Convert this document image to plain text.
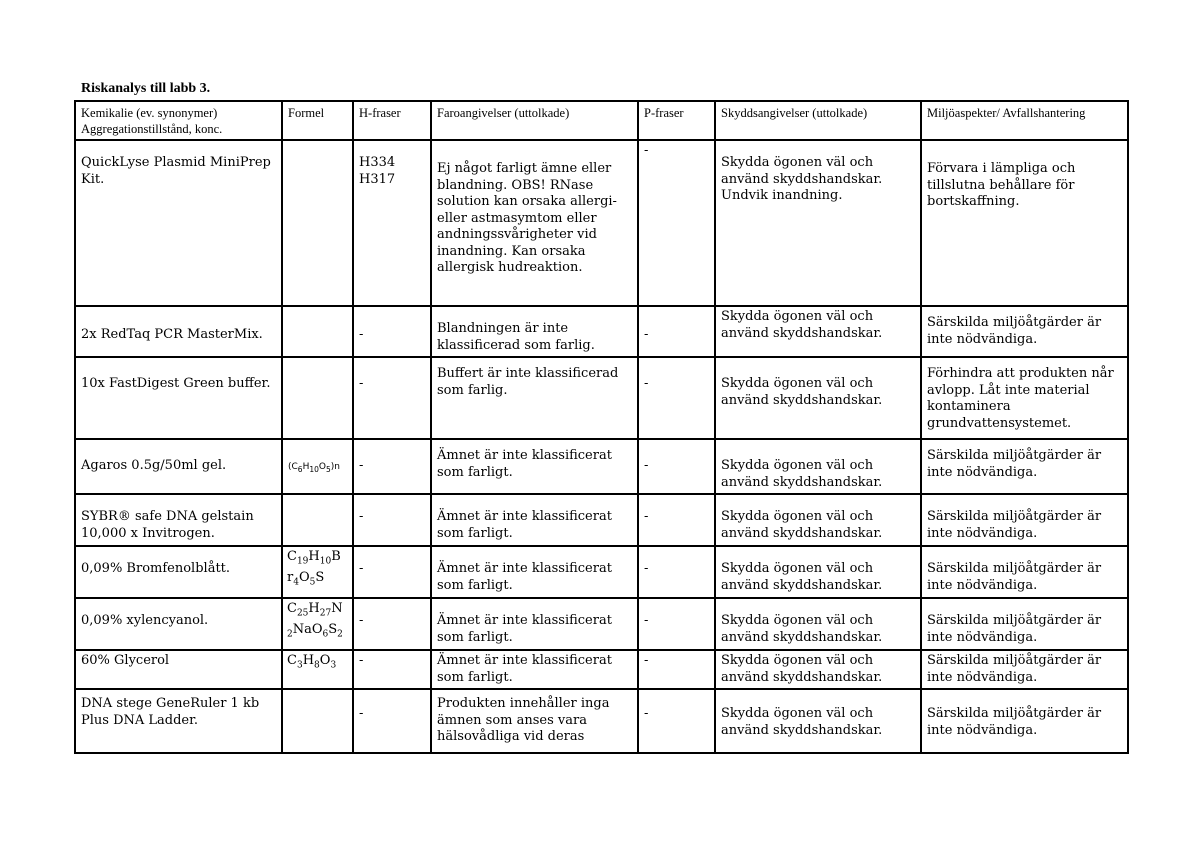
Riskanalys till labb 3.
Kemikalie (ev. synonymer) Aggregationstillstånd, konc.	Formel	H-fraser	Faroangivelser (uttolkade)	P-fraser	Skyddsangivelser (uttolkade)	Miljöaspekter/ Avfallshantering
QuickLyse Plasmid MiniPrep Kit.		H334 H317	Ej något farligt ämne eller blandning. OBS! RNase solution kan orsaka allergi- eller astmasymtom eller andningssvårigheter vid inandning. Kan orsaka allergisk hudreaktion.	-	Skydda ögonen väl och använd skyddshandskar. Undvik inandning.	Förvara i lämpliga och tillslutna behållare för bortskaffning.
2x RedTaq PCR MasterMix.		-	Blandningen är inte klassificerad som farlig.	-	Skydda ögonen väl och använd skyddshandskar.	Särskilda miljöåtgärder är inte nödvändiga.
10x FastDigest Green buffer.		-	Buffert är inte klassificerad som farlig.	-	Skydda ögonen väl och använd skyddshandskar.	Förhindra att produkten når avlopp. Låt inte material kontaminera grundvattensystemet.
Agaros 0.5g/50ml gel.	$(C_6H_{10}O_5)n$	-	Ämnet är inte klassificerat som farligt.	-	Skydda ögonen väl och använd skyddshandskar.	Särskilda miljöåtgärder är inte nödvändiga.
SYBR® safe DNA gelstain 10,000 x Invitrogen.		-	Ämnet är inte klassificerat som farligt.	-	Skydda ögonen väl och använd skyddshandskar.	Särskilda miljöåtgärder är inte nödvändiga.
0,09% Bromfenolblått.	$C_{19}H_{10}B$ $r_4O_5S$	-	Ämnet är inte klassificerat som farligt.	-	Skydda ögonen väl och använd skyddshandskar.	Särskilda miljöåtgärder är inte nödvändiga.
0,09% xylencyanol.	$C_{25}H_{27}N$ $_2NaO_6S_2$	-	Ämnet är inte klassificerat som farligt.	-	Skydda ögonen väl och använd skyddshandskar.	Särskilda miljöåtgärder är inte nödvändiga.
60% Glycerol	$C_3H_8O_3$	-	Ämnet är inte klassificerat som farligt.	-	Skydda ögonen väl och använd skyddshandskar.	Särskilda miljöåtgärder är inte nödvändiga.
DNA stege GeneRuler 1 kb Plus DNA Ladder.		-	Produkten innehåller inga ämnen som anses vara hälsovådliga vid deras	-	Skydda ögonen väl och använd skyddshandskar.	Särskilda miljöåtgärder är inte nödvändiga.
